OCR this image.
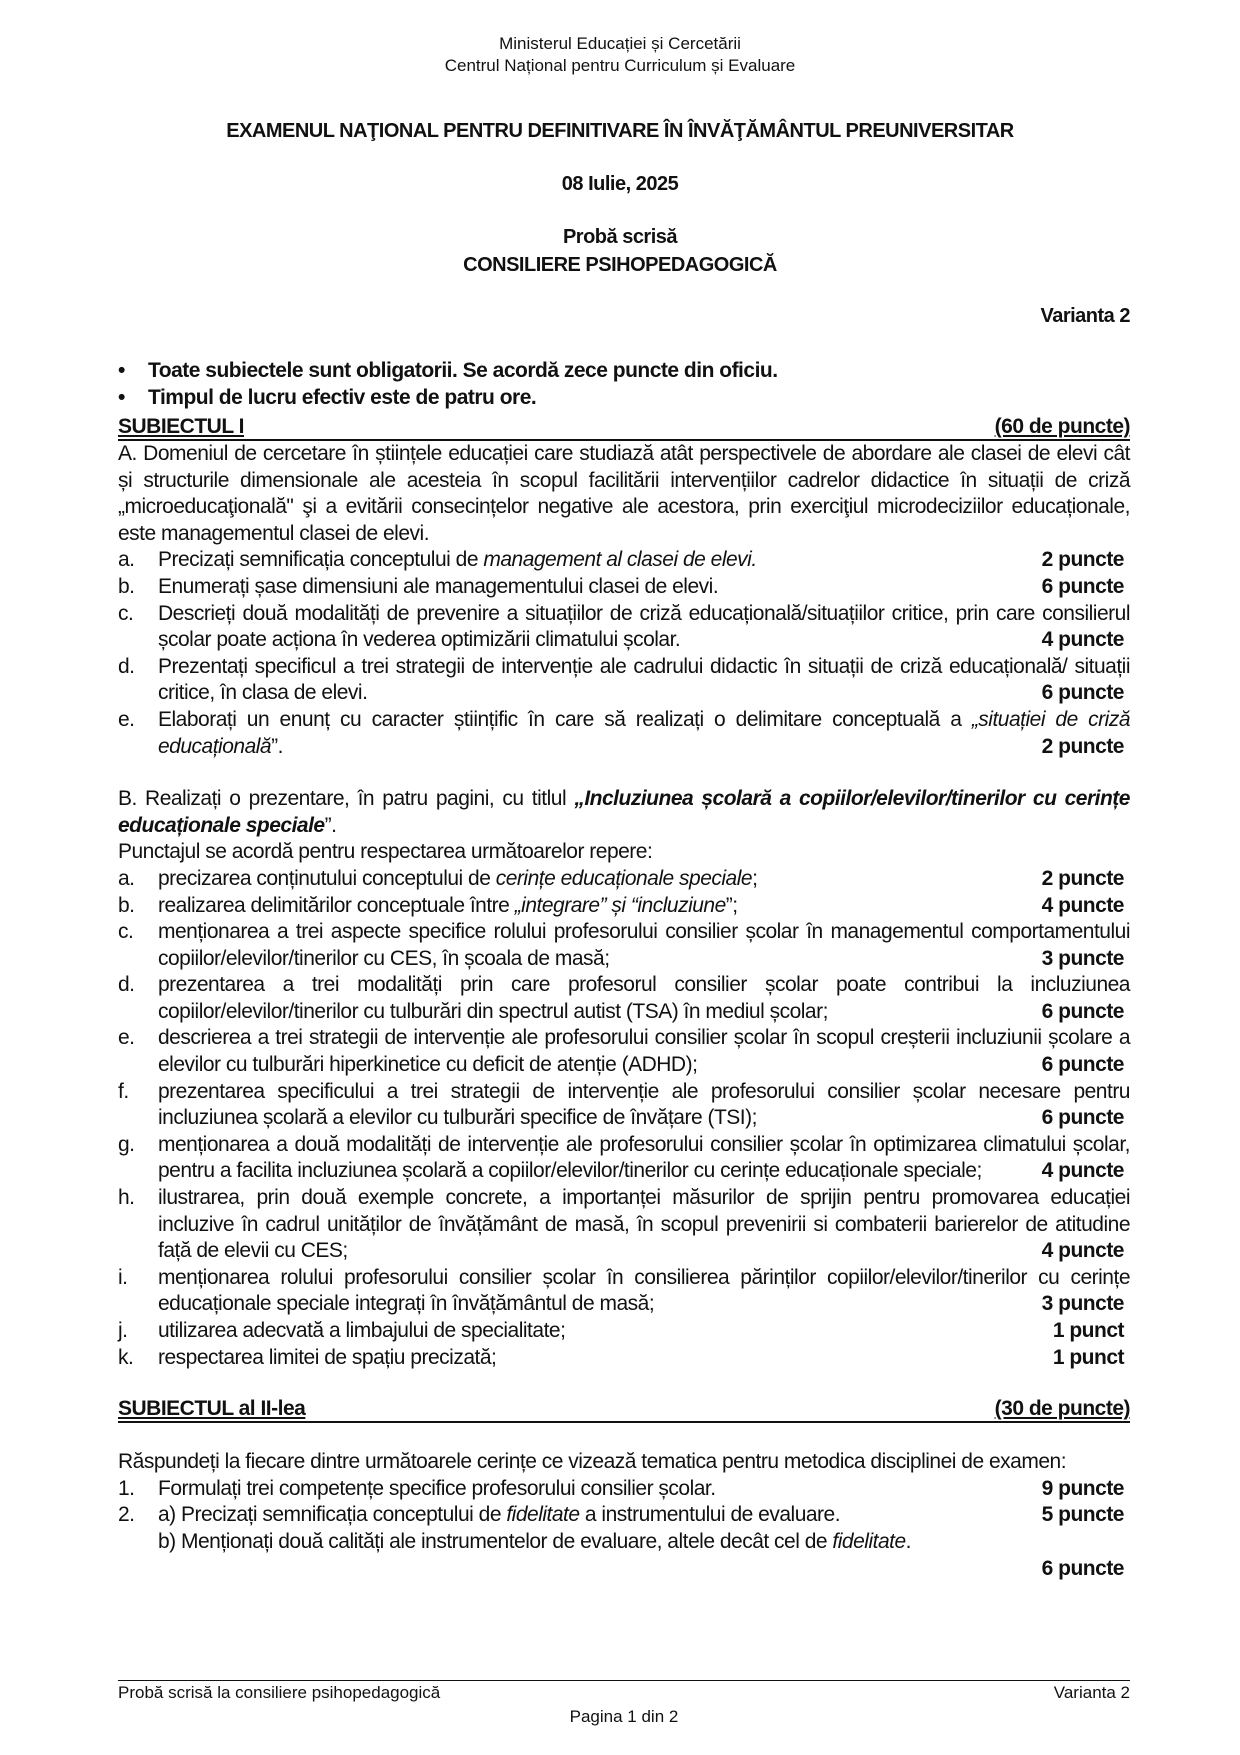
Ministerul Educației și Cercetării
Centrul Național pentru Curriculum și Evaluare
EXAMENUL NAŢIONAL PENTRU DEFINITIVARE ÎN ÎNVĂŢĂMÂNTUL PREUNIVERSITAR
08 Iulie, 2025
Probă scrisă
CONSILIERE PSIHOPEDAGOGICĂ
Varianta 2
• Toate subiectele sunt obligatorii. Se acordă zece puncte din oficiu.
• Timpul de lucru efectiv este de patru ore.
SUBIECTUL I	(60 de puncte)
A. Domeniul de cercetare în științele educației care studiază atât perspectivele de abordare ale clasei de elevi cât și structurile dimensionale ale acesteia în scopul facilitării intervențiilor cadrelor didactice în situații de criză „microeducaţională" şi a evitării consecințelor negative ale acestora, prin exerciţiul microdeciziilor educaționale, este managementul clasei de elevi.
a. Precizați semnificația conceptului de management al clasei de elevi.	2 puncte
b. Enumerați șase dimensiuni ale managementului clasei de elevi.	6 puncte
c. Descrieți două modalități de prevenire a situațiilor de criză educațională/situațiilor critice, prin care consilierul școlar poate acționa în vederea optimizării climatului școlar.	4 puncte
d. Prezentați specificul a trei strategii de intervenție ale cadrului didactic în situații de criză educațională/ situații critice, în clasa de elevi.	6 puncte
e. Elaborați un enunț cu caracter științific în care să realizați o delimitare conceptuală a „situației de criză educațională”.	2 puncte
B. Realizați o prezentare, în patru pagini, cu titlul „Incluziunea școlară a copiilor/elevilor/tinerilor cu cerințe educaționale speciale”.
Punctajul se acordă pentru respectarea următoarelor repere:
a. precizarea conținutului conceptului de cerințe educaționale speciale;	2 puncte
b. realizarea delimitărilor conceptuale între „integrare” și “incluziune”;	4 puncte
c. menționarea a trei aspecte specifice rolului profesorului consilier școlar în managementul comportamentului copiilor/elevilor/tinerilor cu CES, în școala de masă;	3 puncte
d. prezentarea a trei modalități prin care profesorul consilier școlar poate contribui la incluziunea copiilor/elevilor/tinerilor cu tulburări din spectrul autist (TSA) în mediul școlar;	6 puncte
e. descrierea a trei strategii de intervenție ale profesorului consilier școlar în scopul creșterii incluziunii școlare a elevilor cu tulburări hiperkinetice cu deficit de atenție (ADHD);	6 puncte
f. prezentarea specificului a trei strategii de intervenție ale profesorului consilier școlar necesare pentru incluziunea școlară a elevilor cu tulburări specifice de învățare (TSI);	6 puncte
g. menționarea a două modalități de intervenție ale profesorului consilier școlar în optimizarea climatului școlar, pentru a facilita incluziunea școlară a copiilor/elevilor/tinerilor cu cerințe educaționale speciale;	4 puncte
h. ilustrarea, prin două exemple concrete, a importanței măsurilor de sprijin pentru promovarea educației incluzive în cadrul unităților de învățământ de masă, în scopul prevenirii si combaterii barierelor de atitudine față de elevii cu CES;	4 puncte
i. menționarea rolului profesorului consilier școlar în consilierea părinților copiilor/elevilor/tinerilor cu cerințe educaționale speciale integrați în învățământul de masă;	3 puncte
j. utilizarea adecvată a limbajului de specialitate;	1 punct
k. respectarea limitei de spațiu precizată;	1 punct
SUBIECTUL al II-lea	(30 de puncte)
Răspundeți la fiecare dintre următoarele cerințe ce vizează tematica pentru metodica disciplinei de examen:
1. Formulați trei competențe specifice profesorului consilier școlar.	9 puncte
2. a) Precizați semnificația conceptului de fidelitate a instrumentului de evaluare.	5 puncte
b) Menționați două calități ale instrumentelor de evaluare, altele decât cel de fidelitate.
6 puncte
Probă scrisă la consiliere psihopedagogică	Varianta 2
Pagina 1 din 2
